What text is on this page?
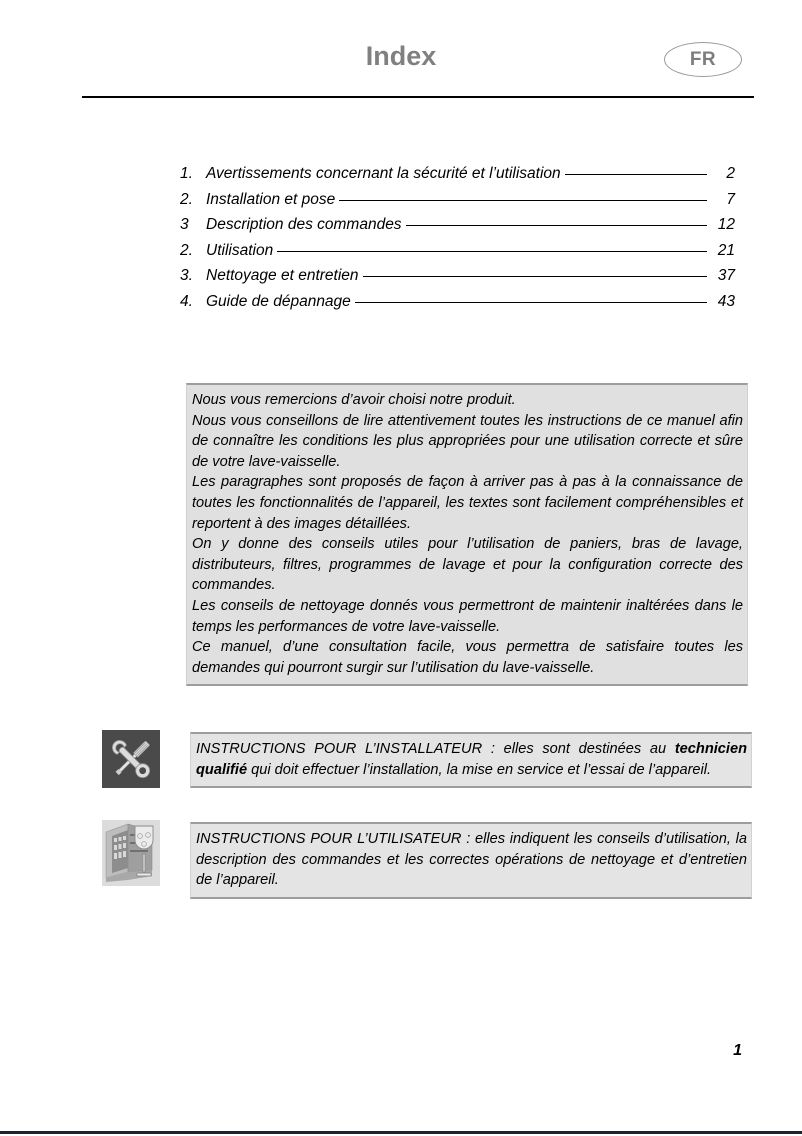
Index	FR
1. Avertissements concernant la sécurité et l’utilisation	2
2. Installation et pose	7
3	Description des commandes	12
2. Utilisation	21
3. Nettoyage et entretien	37
4. Guide de dépannage	43

Nous vous remercions d’avoir choisi notre produit.

Nous vous conseillons de lire attentivement toutes les instructions de ce manuel afin de connaître les conditions les plus appropriées pour une utilisation correcte et sûre de votre lave-vaisselle.

Les paragraphes sont proposés de façon à arriver pas à pas à la connaissance de toutes les fonctionnalités de l’appareil, les textes sont facilement compréhensibles et reportent à des images détaillées.

On y donne des conseils utiles pour l’utilisation de paniers, bras de lavage, distributeurs, filtres, programmes de lavage et pour la configuration correcte des commandes.

Les conseils de nettoyage donnés vous permettront de maintenir inaltérées dans le temps les performances de votre lave-vaisselle.

Ce manuel, d’une consultation facile, vous permettra de satisfaire toutes les demandes qui pourront surgir sur l’utilisation du lave-vaisselle.

INSTRUCTIONS POUR L’INSTALLATEUR : elles sont destinées au technicien qualifié qui doit effectuer l’installation, la mise en service et l’essai de l’appareil.

INSTRUCTIONS POUR L’UTILISATEUR : elles indiquent les conseils d’utilisation, la description des commandes et les correctes opérations de nettoyage et d’entretien de l’appareil.

1
